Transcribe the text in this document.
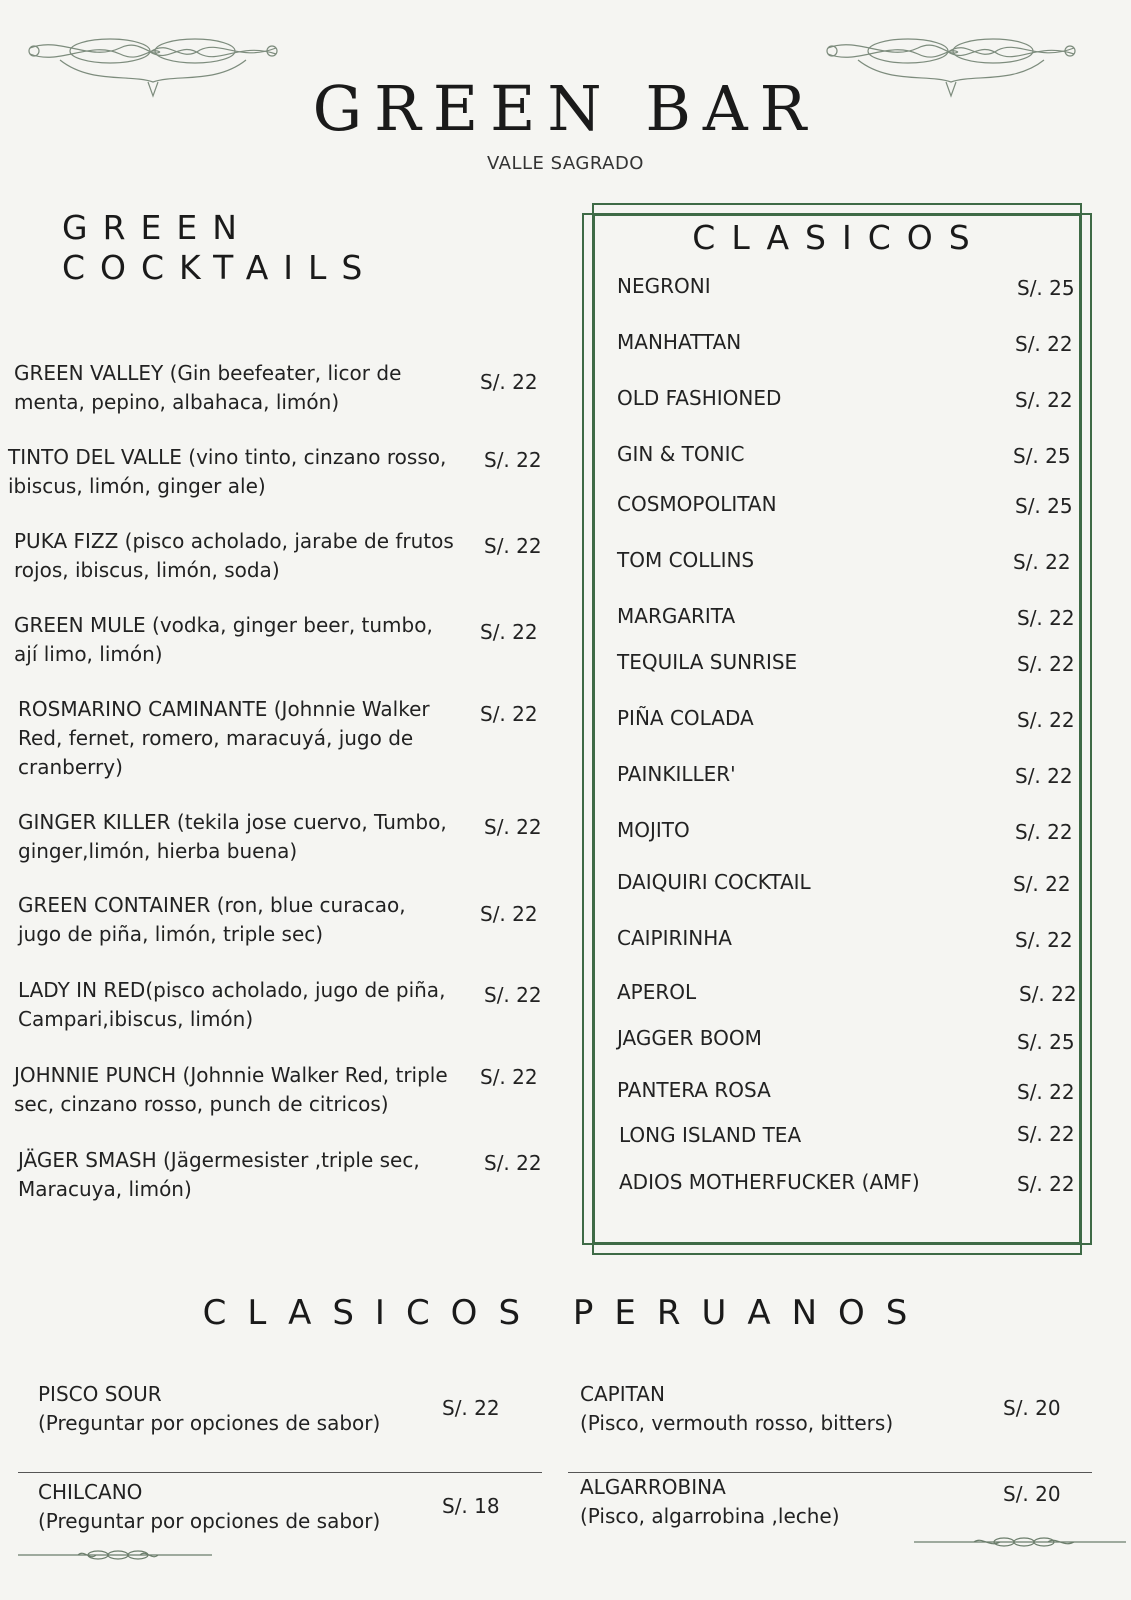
GREEN BAR
VALLE SAGRADO
GREEN
COCKTAILS
GREEN VALLEY (Gin beefeater, licor de menta, pepino, albahaca, limón)
S/. 22
TINTO DEL VALLE (vino tinto, cinzano rosso, ibiscus, limón, ginger ale)
S/. 22
PUKA FIZZ (pisco acholado, jarabe de frutos rojos, ibiscus, limón, soda)
S/. 22
GREEN MULE (vodka, ginger beer, tumbo, ají limo, limón)
S/. 22
ROSMARINO CAMINANTE (Johnnie Walker Red, fernet, romero, maracuyá, jugo de cranberry)
S/. 22
GINGER KILLER (tekila jose cuervo, Tumbo, ginger,limón, hierba buena)
S/. 22
GREEN CONTAINER (ron, blue curacao, jugo de piña, limón, triple sec)
S/. 22
LADY IN RED(pisco acholado, jugo de piña, Campari,ibiscus, limón)
S/. 22
JOHNNIE PUNCH (Johnnie Walker Red, triple sec, cinzano rosso, punch de citricos)
S/. 22
JÄGER SMASH (Jägermesister ,triple sec, Maracuya, limón)
S/. 22
CLASICOS
NEGRONI	S/. 25
MANHATTAN	S/. 22
OLD FASHIONED	S/. 22
GIN & TONIC	S/. 25
COSMOPOLITAN	S/. 25
TOM COLLINS	S/. 22
MARGARITA	S/. 22
TEQUILA SUNRISE	S/. 22
PIÑA COLADA	S/. 22
PAINKILLER'	S/. 22
MOJITO	S/. 22
DAIQUIRI COCKTAIL	S/. 22
CAIPIRINHA	S/. 22
APEROL	S/. 22
JAGGER BOOM	S/. 25
PANTERA ROSA	S/. 22
LONG ISLAND TEA	S/. 22
ADIOS MOTHERFUCKER (AMF)	S/. 22
CLASICOS PERUANOS
PISCO SOUR
(Preguntar por opciones de sabor)
S/. 22
CHILCANO
(Preguntar por opciones de sabor)
S/. 18
CAPITAN
(Pisco, vermouth rosso, bitters)
S/. 20
ALGARROBINA
(Pisco, algarrobina ,leche)
S/. 20
